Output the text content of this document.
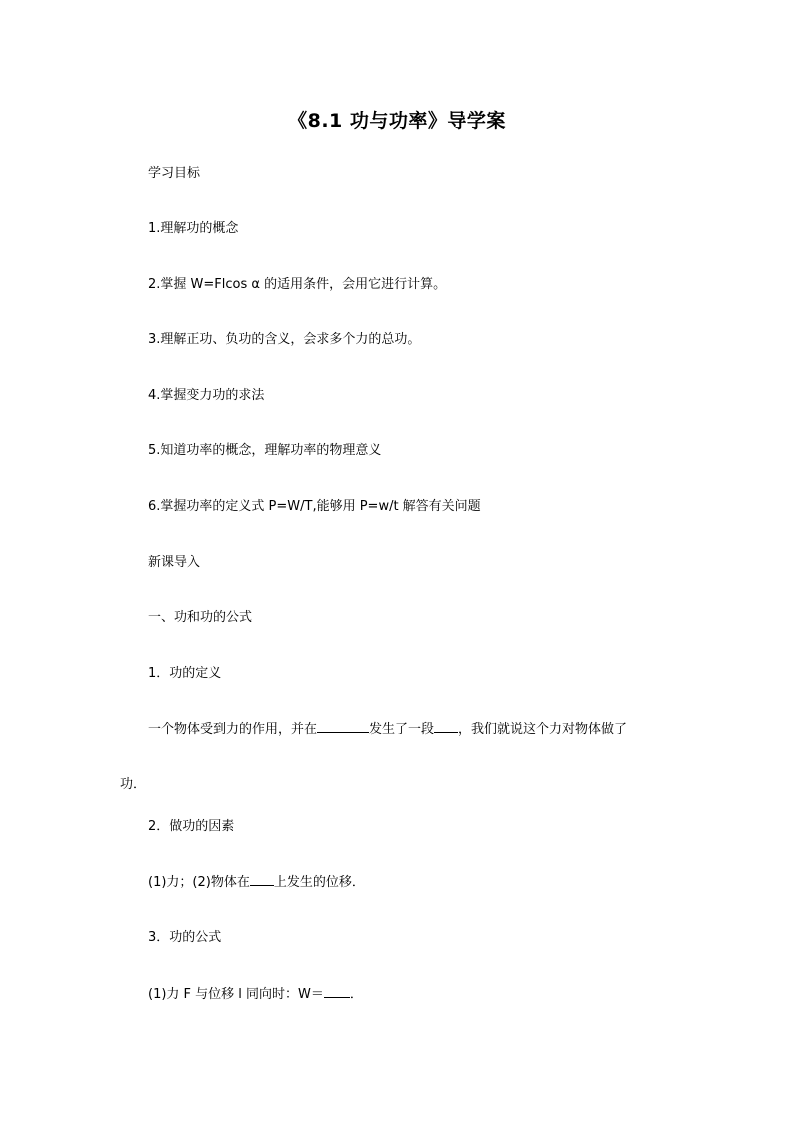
《8.1 功与功率》导学案
学习目标
1.理解功的概念
2.掌握 W=Flcos α 的适用条件，会用它进行计算。
3.理解正功、负功的含义，会求多个力的总功。
4.掌握变力功的求法
5.知道功率的概念，理解功率的物理意义
6.掌握功率的定义式 P=W/T,能够用 P=w/t 解答有关问题
新课导入
一、功和功的公式
1．功的定义
一个物体受到力的作用，并在	发生了一段 ，我们就说这个力对物体做了
功．
2．做功的因素
(1)力；(2)物体在 上发生的位移．
3．功的公式
(1)力 F 与位移 l 同向时：W＝ ．
